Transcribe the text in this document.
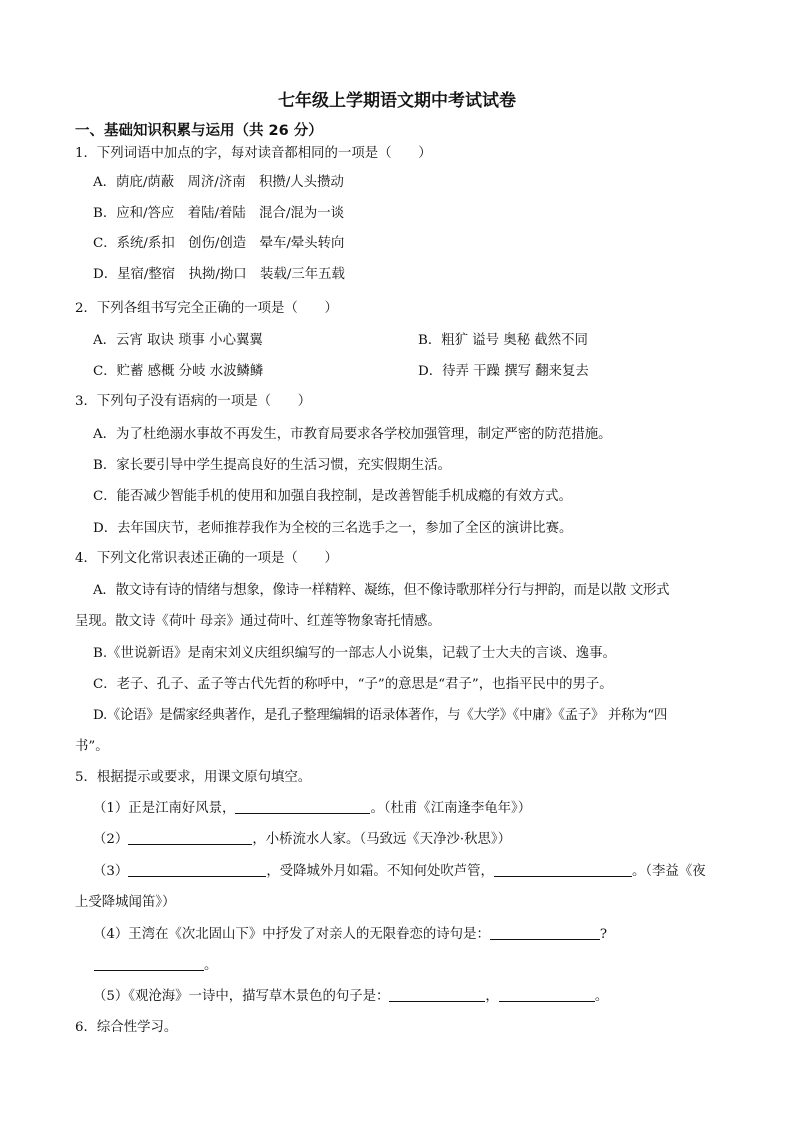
七年级上学期语文期中考试试卷
一、基础知识积累与运用（共 26 分）
1．下列词语中加点的字，每对读音都相同的一项是（　　）
A．荫庇/荫蔽　周济/济南　积攒/人头攒动
B．应和/答应　着陆/着陆　混合/混为一谈
C．系统/系扣　创伤/创造　晕车/晕头转向
D．星宿/整宿　执拗/拗口　装载/三年五载
2．下列各组书写完全正确的一项是（　　）
A．云宵 取诀 琐事 小心翼翼	B．粗犷 谥号 奥秘 截然不同
C．贮蓄 感概 分岐 水波鳞鳞	D．待弄 干躁 撰写 翻来复去
3．下列句子没有语病的一项是（　　）
A．为了杜绝溺水事故不再发生，市教育局要求各学校加强管理，制定严密的防范措施。
B．家长要引导中学生提高良好的生活习惯，充实假期生活。
C．能否减少智能手机的使用和加强自我控制，是改善智能手机成瘾的有效方式。
D．去年国庆节，老师推荐我作为全校的三名选手之一，参加了全区的演讲比赛。
4．下列文化常识表述正确的一项是（　　）
A．散文诗有诗的情绪与想象，像诗一样精粹、凝练，但不像诗歌那样分行与押韵，而是以散 文形式
呈现。散文诗《荷叶 母亲》通过荷叶、红莲等物象寄托情感。
B.《世说新语》是南宋刘义庆组织编写的一部志人小说集，记载了士大夫的言谈、逸事。
C．老子、孔子、孟子等古代先哲的称呼中，“子”的意思是“君子”，也指平民中的男子。
D.《论语》是儒家经典著作，是孔子整理编辑的语录体著作，与《大学》《中庸》《孟子》 并称为“四
书”。
5．根据提示或要求，用课文原句填空。
（1）正是江南好风景，	。（杜甫《江南逢李龟年》）
（2）	，小桥流水人家。（马致远《天净沙·秋思》）
（3）	，受降城外月如霜。不知何处吹芦管，	。（李益《夜
上受降城闻笛》）
（4）王湾在《次北固山下》中抒发了对亲人的无限眷恋的诗句是：	?
。
（5）《观沧海》一诗中，描写草木景色的句子是：	，	。
6．综合性学习。
